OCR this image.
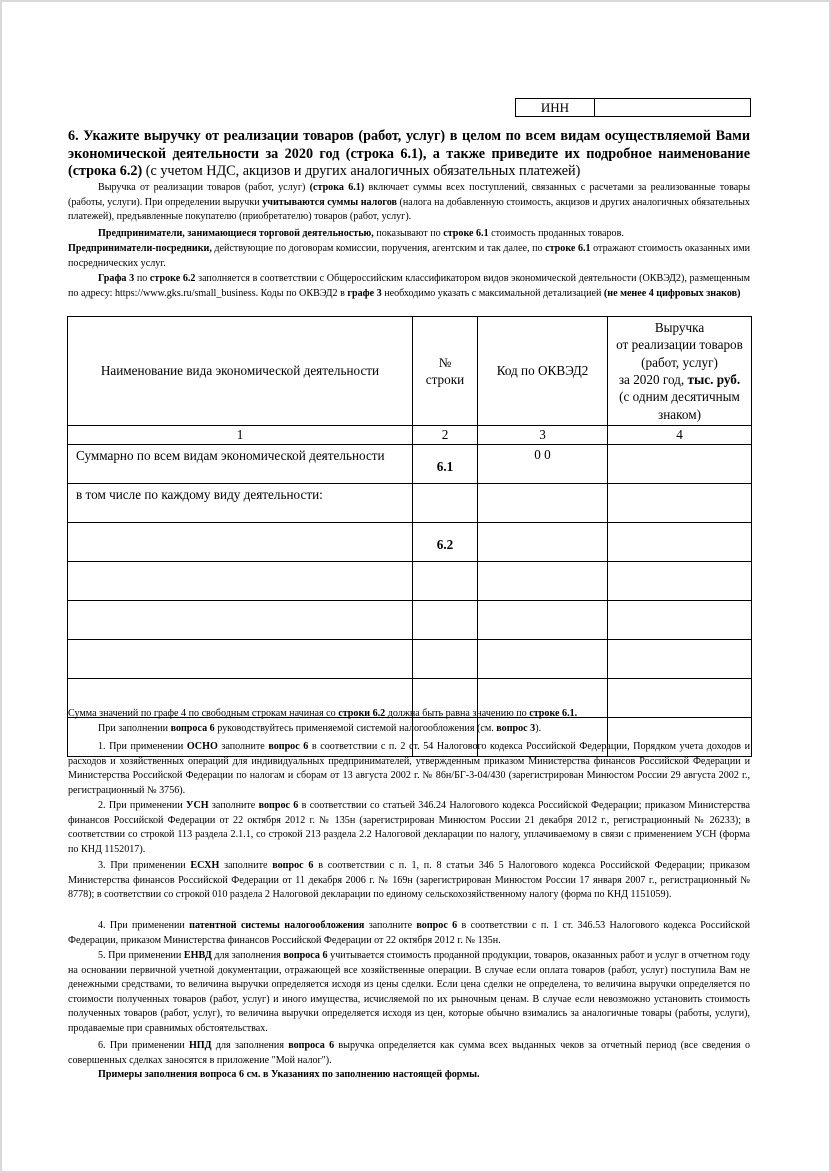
ИНН
6. Укажите выручку от реализации товаров (работ, услуг) в целом по всем видам осуществляемой Вами экономической деятельности за 2020 год (строка 6.1), а также приведите их подробное наименование (строка 6.2) (с учетом НДС, акцизов и других аналогичных обязательных платежей)
Выручка от реализации товаров (работ, услуг) (строка 6.1) включает суммы всех поступлений, связанных с расчетами за реализованные товары (работы, услуги). При определении выручки учитываются суммы налогов (налога на добавленную стоимость, акцизов и других аналогичных обязательных платежей), предъявленные покупателю (приобретателю) товаров (работ, услуг).
Предприниматели, занимающиеся торговой деятельностью, показывают по строке 6.1 стоимость проданных товаров.
Предприниматели-посредники, действующие по договорам комиссии, поручения, агентским и так далее, по строке 6.1 отражают стоимость оказанных ими посреднических услуг.
Графа 3 по строке 6.2 заполняется в соответствии с Общероссийским классификатором видов экономической деятельности (ОКВЭД2), размещенным по адресу: https://www.gks.ru/small_business. Коды по ОКВЭД2 в графе 3 необходимо указать с максимальной детализацией (не менее 4 цифровых знаков)
Наименование вида экономической деятельности	№ строки	Код по ОКВЭД2	
Выручка
от реализации товаров
(работ, услуг)
за 2020 год, тыс. руб.
(с одним десятичным
знаком)

1	2	3	4
Суммарно по всем видам экономической деятельности	6.1	0 0	
в том числе по каждому виду деятельности:			
	6.2		

Сумма значений по графе 4 по свободным строкам начиная со строки 6.2 должна быть равна значению по строке 6.1.
При заполнении вопроса 6 руководствуйтесь применяемой системой налогообложения (см. вопрос 3).
1. При применении ОСНО заполните вопрос 6 в соответствии с п. 2 ст. 54 Налогового кодекса Российской Федерации, Порядком учета доходов и расходов и хозяйственных операций для индивидуальных предпринимателей, утвержденным приказом Министерства финансов Российской Федерации и Министерства Российской Федерации по налогам и сборам от 13 августа 2002 г. № 86н/БГ-3-04/430 (зарегистрирован Минюстом России 29 августа 2002 г., регистрационный № 3756).
2. При применении УСН заполните вопрос 6 в соответствии со статьей 346.24 Налогового кодекса Российской Федерации; приказом Министерства финансов Российской Федерации от 22 октября 2012 г. № 135н (зарегистрирован Минюстом России 21 декабря 2012 г., регистрационный № 26233); в соответствии со строкой 113 раздела 2.1.1, со строкой 213 раздела 2.2 Налоговой декларации по налогу, уплачиваемому в связи с применением УСН (форма по КНД 1152017).
3. При применении ЕСХН заполните вопрос 6 в соответствии с п. 1, п. 8 статьи 346 5 Налогового кодекса Российской Федерации; приказом Министерства финансов Российской Федерации от 11 декабря 2006 г. № 169н (зарегистрирован Минюстом России 17 января 2007 г., регистрационный № 8778); в соответствии со строкой 010 раздела 2 Налоговой декларации по единому сельскохозяйственному налогу (форма по КНД 1151059).
4. При применении патентной системы налогообложения заполните вопрос 6 в соответствии с п. 1 ст. 346.53 Налогового кодекса Российской Федерации, приказом Министерства финансов Российской Федерации от 22 октября 2012 г. № 135н.
5. При применении ЕНВД для заполнения вопроса 6 учитывается стоимость проданной продукции, товаров, оказанных работ и услуг в отчетном году на основании первичной учетной документации, отражающей все хозяйственные операции. В случае если оплата товаров (работ, услуг) поступила Вам не денежными средствами, то величина выручки определяется исходя из цены сделки. Если цена сделки не определена, то величина выручки определяется по стоимости полученных товаров (работ, услуг) и иного имущества, исчисляемой по их рыночным ценам. В случае если невозможно установить стоимость полученных товаров (работ, услуг), то величина выручки определяется исходя из цен, которые обычно взимались за аналогичные товары (работы, услуги), продаваемые при сравнимых обстоятельствах.
6. При применении НПД для заполнения вопроса 6 выручка определяется как сумма всех выданных чеков за отчетный период (все сведения о совершенных сделках заносятся в приложение "Мой налог").
Примеры заполнения вопроса 6 см. в Указаниях по заполнению настоящей формы.
